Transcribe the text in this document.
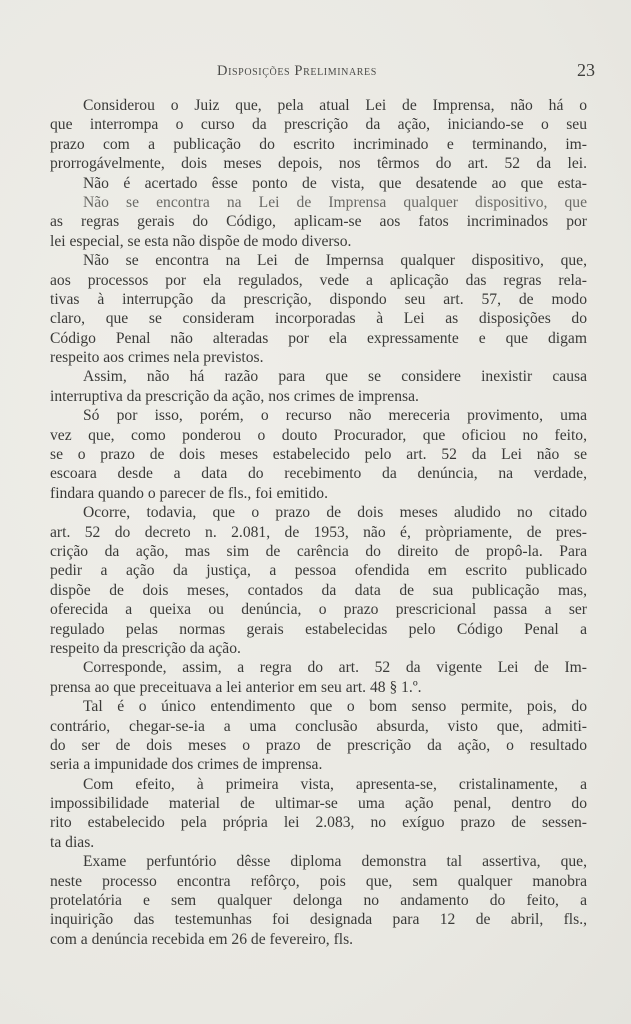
Disposições Preliminares	23
Considerou o Juiz que, pela atual Lei de Imprensa, não há o
que interrompa o curso da prescrição da ação, iniciando-se o seu
prazo com a publicação do escrito incriminado e terminando, im-
prorrogávelmente, dois meses depois, nos têrmos do art. 52 da lei.
Não é acertado êsse ponto de vista, que desatende ao que esta-
Não se encontra na Lei de Imprensa qualquer dispositivo, que
as regras gerais do Código, aplicam-se aos fatos incriminados por
lei especial, se esta não dispõe de modo diverso.
Não se encontra na Lei de Impernsa qualquer dispositivo, que,
aos processos por ela regulados, vede a aplicação das regras rela-
tivas à interrupção da prescrição, dispondo seu art. 57, de modo
claro, que se consideram incorporadas à Lei as disposições do
Código Penal não alteradas por ela expressamente e que digam
respeito aos crimes nela previstos.
Assim, não há razão para que se considere inexistir causa
interruptiva da prescrição da ação, nos crimes de imprensa.
Só por isso, porém, o recurso não mereceria provimento, uma
vez que, como ponderou o douto Procurador, que oficiou no feito,
se o prazo de dois meses estabelecido pelo art. 52 da Lei não se
escoara desde a data do recebimento da denúncia, na verdade,
findara quando o parecer de fls., foi emitido.
Ocorre, todavia, que o prazo de dois meses aludido no citado
art. 52 do decreto n. 2.081, de 1953, não é, pròpriamente, de pres-
crição da ação, mas sim de carência do direito de propô-la. Para
pedir a ação da justiça, a pessoa ofendida em escrito publicado
dispõe de dois meses, contados da data de sua publicação mas,
oferecida a queixa ou denúncia, o prazo prescricional passa a ser
regulado pelas normas gerais estabelecidas pelo Código Penal a
respeito da prescrição da ação.
Corresponde, assim, a regra do art. 52 da vigente Lei de Im-
prensa ao que preceituava a lei anterior em seu art. 48 § 1.º.
Tal é o único entendimento que o bom senso permite, pois, do
contrário, chegar-se-ia a uma conclusão absurda, visto que, admiti-
do ser de dois meses o prazo de prescrição da ação, o resultado
seria a impunidade dos crimes de imprensa.
Com efeito, à primeira vista, apresenta-se, cristalinamente, a
impossibilidade material de ultimar-se uma ação penal, dentro do
rito estabelecido pela própria lei 2.083, no exíguo prazo de sessen-
ta dias.
Exame perfuntório dêsse diploma demonstra tal assertiva, que,
neste processo encontra refôrço, pois que, sem qualquer manobra
protelatória e sem qualquer delonga no andamento do feito, a
inquirição das testemunhas foi designada para 12 de abril, fls.,
com a denúncia recebida em 26 de fevereiro, fls.
